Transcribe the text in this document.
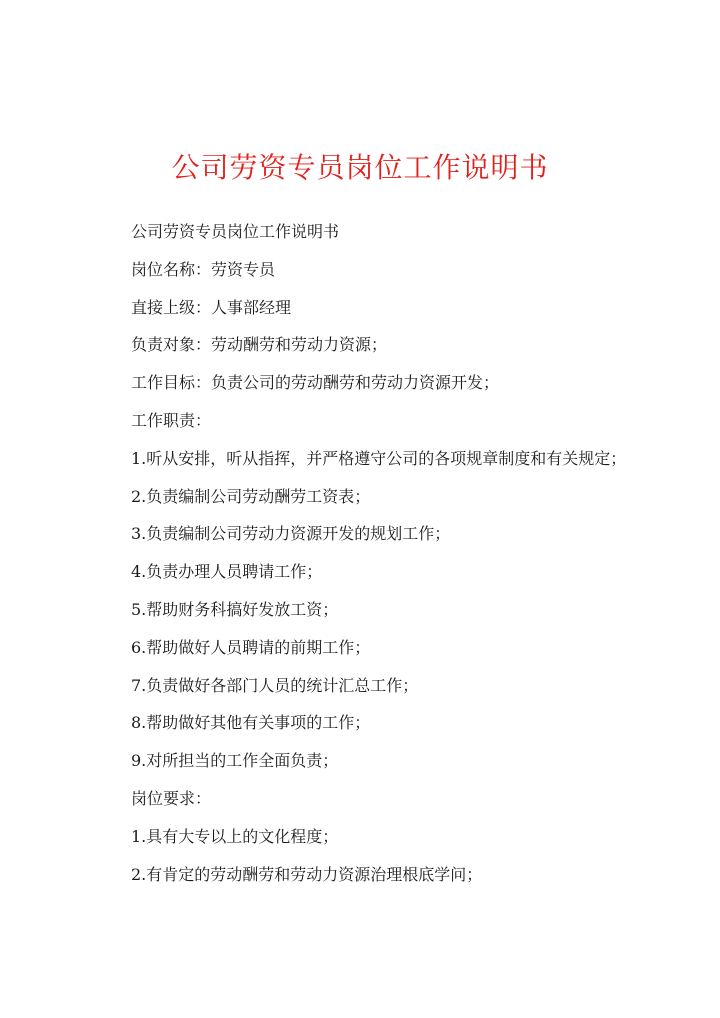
公司劳资专员岗位工作说明书
公司劳资专员岗位工作说明书
岗位名称：劳资专员
直接上级：人事部经理
负责对象：劳动酬劳和劳动力资源；
工作目标：负责公司的劳动酬劳和劳动力资源开发；
工作职责：
1.听从安排，听从指挥，并严格遵守公司的各项规章制度和有关规定；
2.负责编制公司劳动酬劳工资表；
3.负责编制公司劳动力资源开发的规划工作；
4.负责办理人员聘请工作；
5.帮助财务科搞好发放工资；
6.帮助做好人员聘请的前期工作；
7.负责做好各部门人员的统计汇总工作；
8.帮助做好其他有关事项的工作；
9.对所担当的工作全面负责；
岗位要求：
1.具有大专以上的文化程度；
2.有肯定的劳动酬劳和劳动力资源治理根底学问；
